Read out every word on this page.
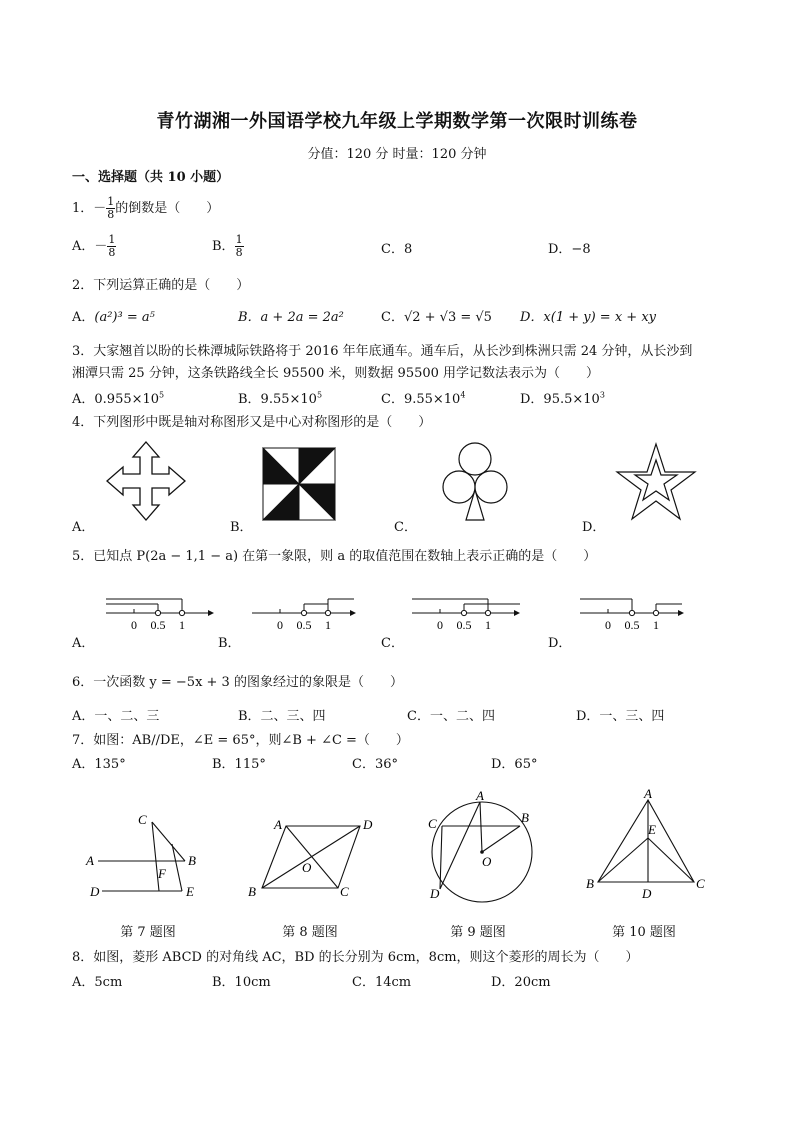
青竹湖湘一外国语学校九年级上学期数学第一次限时训练卷
分值：120 分 时量：120 分钟
一、选择题（共 10 小题）
1．－ $\frac{1}{8}$ 的倒数是（　　）
A．－ $\frac{1}{8}$	B． $\frac{1}{8}$	C．8	D．−8
2．下列运算正确的是（　　）
A．(a²)³ = a⁵	B．a + 2a = 2a²	C．√2 + √3 = √5 D．x(1 + y) = x + xy
3．大家翘首以盼的长株潭城际铁路将于 2016 年年底通车。通车后，从长沙到株洲只需 24 分钟，从长沙到
湘潭只需 25 分钟，这条铁路线全长 95500 米，则数据 95500 用学记数法表示为（　　）
A．$0.955\times 10^5$	B．$9.55\times 10^5$	C．$9.55\times 10^4$	D．$95.5\times 10^3$
4．下列图形中既是轴对称图形又是中心对称图形的是（　　）
A．	B．	C．	D．
5．已知点 P(2a − 1,1 − a) 在第一象限，则 a 的取值范围在数轴上表示正确的是（　　）
0 0.5 1
A．
0 0.5 1
B．
0 0.5 1
C．
0 0.5 1
D．
6．一次函数 y = −5x + 3 的图象经过的象限是（　　）
A．一、二、三	B．二、三、四	C．一、二、四	D．一、三、四
7．如图：AB//DE，∠E = 65°，则∠B + ∠C =（　　）
A．135°	B．115°	C．36°	D．65°
C
A	B
F
D	E
第 7 题图
A	D
O
B	C
第 8 题图
A
C	B
O
D
第 9 题图
A
E
B
D
C
第 10 题图
8．如图，菱形 ABCD 的对角线 AC，BD 的长分别为 6cm，8cm，则这个菱形的周长为（　　）
A．5cm	B．10cm	C．14cm	D．20cm
